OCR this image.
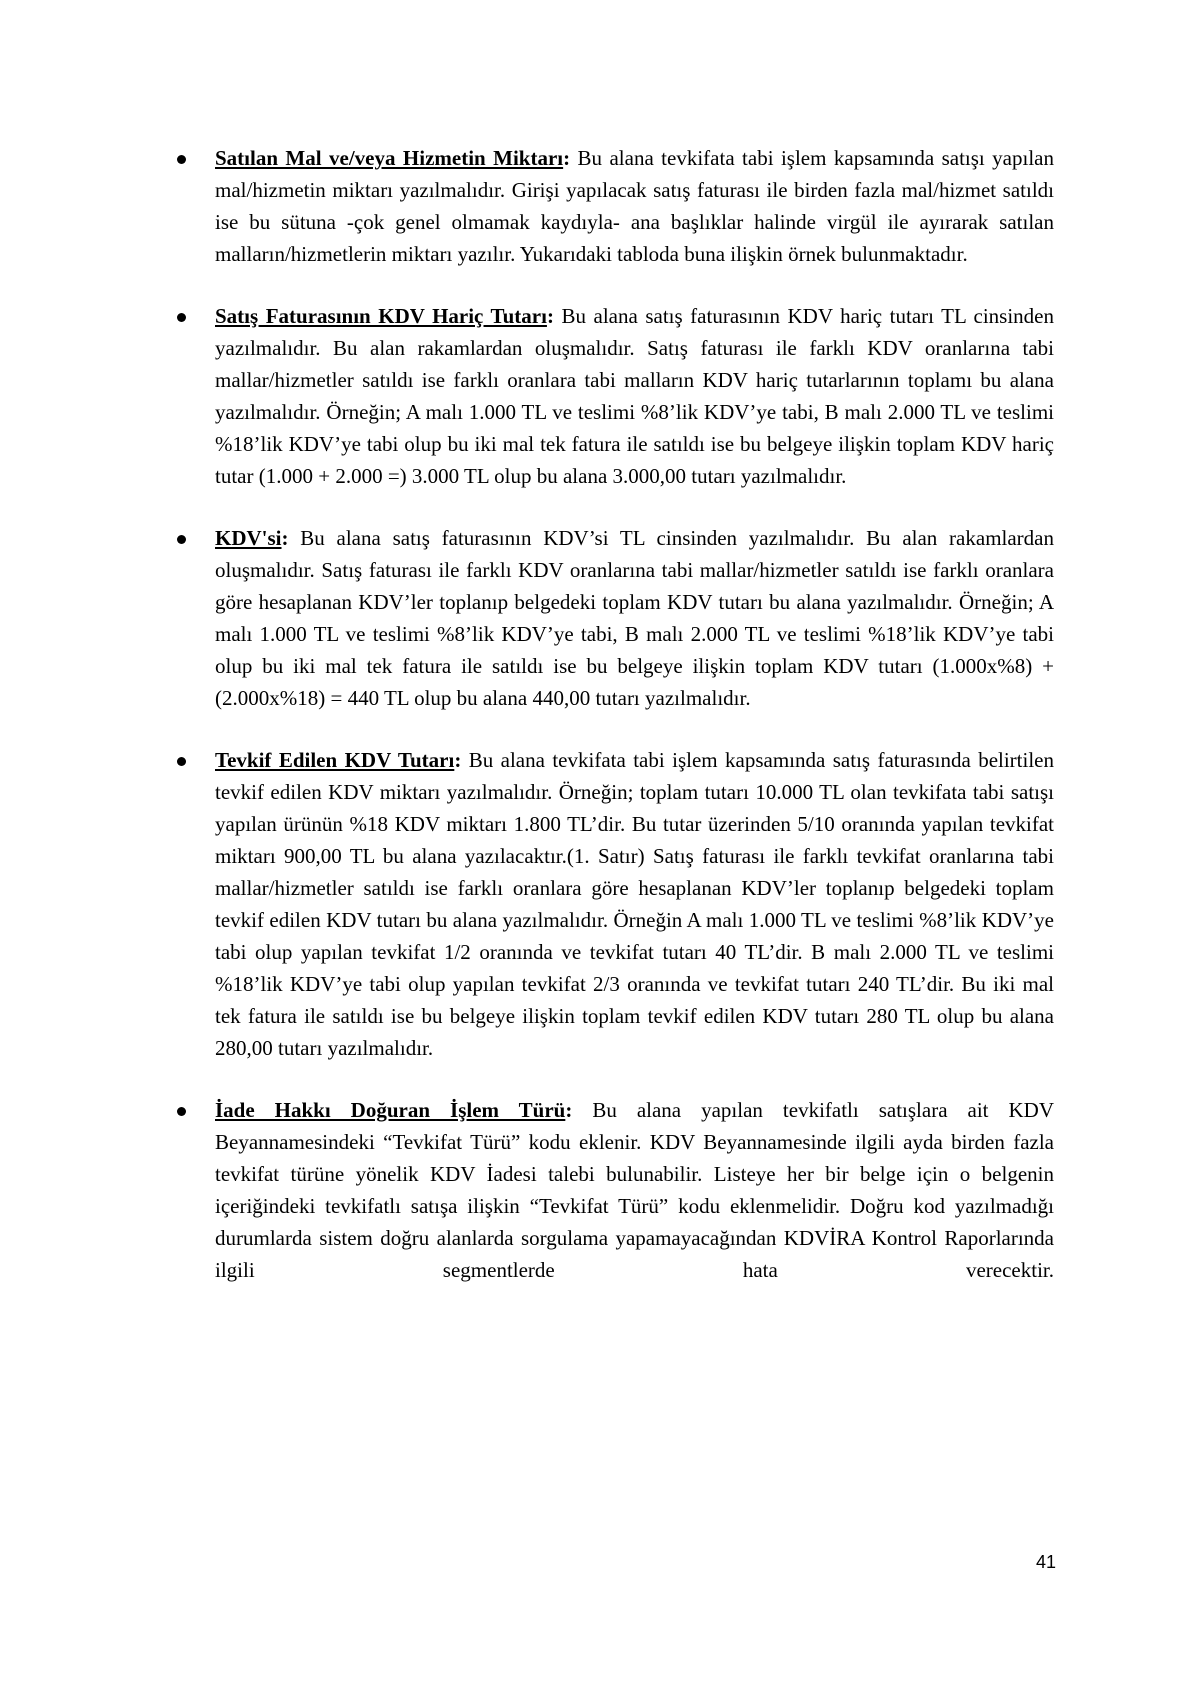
Satılan Mal ve/veya Hizmetin Miktarı: Bu alana tevkifata tabi işlem kapsamında satışı yapılan mal/hizmetin miktarı yazılmalıdır. Girişi yapılacak satış faturası ile birden fazla mal/hizmet satıldı ise bu sütuna -çok genel olmamak kaydıyla- ana başlıklar halinde virgül ile ayırarak satılan malların/hizmetlerin miktarı yazılır. Yukarıdaki tabloda buna ilişkin örnek bulunmaktadır.
Satış Faturasının KDV Hariç Tutarı: Bu alana satış faturasının KDV hariç tutarı TL cinsinden yazılmalıdır. Bu alan rakamlardan oluşmalıdır. Satış faturası ile farklı KDV oranlarına tabi mallar/hizmetler satıldı ise farklı oranlara tabi malların KDV hariç tutarlarının toplamı bu alana yazılmalıdır. Örneğin; A malı 1.000 TL ve teslimi %8’lik KDV’ye tabi, B malı 2.000 TL ve teslimi %18’lik KDV’ye tabi olup bu iki mal tek fatura ile satıldı ise bu belgeye ilişkin toplam KDV hariç tutar (1.000 + 2.000 =) 3.000 TL olup bu alana 3.000,00 tutarı yazılmalıdır.
KDV'si: Bu alana satış faturasının KDV’si TL cinsinden yazılmalıdır. Bu alan rakamlardan oluşmalıdır. Satış faturası ile farklı KDV oranlarına tabi mallar/hizmetler satıldı ise farklı oranlara göre hesaplanan KDV’ler toplanıp belgedeki toplam KDV tutarı bu alana yazılmalıdır. Örneğin; A malı 1.000 TL ve teslimi %8’lik KDV’ye tabi, B malı 2.000 TL ve teslimi %18’lik KDV’ye tabi olup bu iki mal tek fatura ile satıldı ise bu belgeye ilişkin toplam KDV tutarı (1.000x%8) + (2.000x%18) = 440 TL olup bu alana 440,00 tutarı yazılmalıdır.
Tevkif Edilen KDV Tutarı: Bu alana tevkifata tabi işlem kapsamında satış faturasında belirtilen tevkif edilen KDV miktarı yazılmalıdır. Örneğin; toplam tutarı 10.000 TL olan tevkifata tabi satışı yapılan ürünün %18 KDV miktarı 1.800 TL’dir. Bu tutar üzerinden 5/10 oranında yapılan tevkifat miktarı 900,00 TL bu alana yazılacaktır.(1. Satır) Satış faturası ile farklı tevkifat oranlarına tabi mallar/hizmetler satıldı ise farklı oranlara göre hesaplanan KDV’ler toplanıp belgedeki toplam tevkif edilen KDV tutarı bu alana yazılmalıdır. Örneğin A malı 1.000 TL ve teslimi %8’lik KDV’ye tabi olup yapılan tevkifat 1/2 oranında ve tevkifat tutarı 40 TL’dir. B malı 2.000 TL ve teslimi %18’lik KDV’ye tabi olup yapılan tevkifat 2/3 oranında ve tevkifat tutarı 240 TL’dir. Bu iki mal tek fatura ile satıldı ise bu belgeye ilişkin toplam tevkif edilen KDV tutarı 280 TL olup bu alana 280,00 tutarı yazılmalıdır.
İade Hakkı Doğuran İşlem Türü: Bu alana yapılan tevkifatlı satışlara ait KDV Beyannamesindeki “Tevkifat Türü” kodu eklenir. KDV Beyannamesinde ilgili ayda birden fazla tevkifat türüne yönelik KDV İadesi talebi bulunabilir. Listeye her bir belge için o belgenin içeriğindeki tevkifatlı satışa ilişkin “Tevkifat Türü” kodu eklenmelidir. Doğru kod yazılmadığı durumlarda sistem doğru alanlarda sorgulama yapamayacağından KDVİRA Kontrol Raporlarında ilgili segmentlerde hata verecektir.
41
